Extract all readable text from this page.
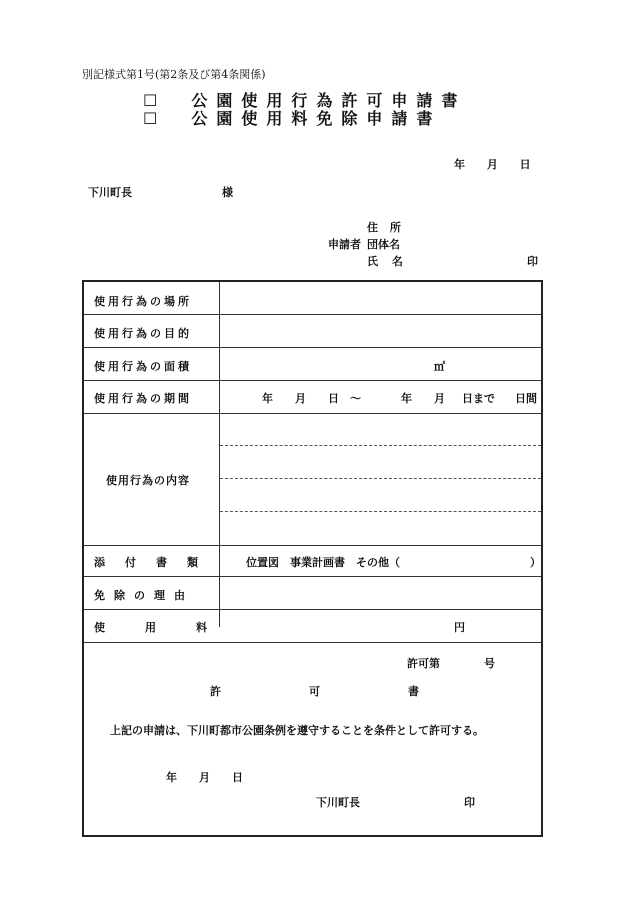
別記様式第1号(第2条及び第4条関係)
☐　公園使用行為許可申請書
☐　公園使用料免除申請書
年 月 日
下川町長	様
住 所
申請者 団体名
氏 名	印
使用行為の場所
使用行為の目的
使用行為の面積	㎡
使用行為の期間	年　　月　　日　〜	年　　月 日まで 日間
使用行為の内容
添付書類	位置図　事業計画書　その他（	）
免除の理由
使用料	円
許可第　　　　号
許　　　　　　　　可　　　　　　　　書
上記の申請は、下川町都市公園条例を遵守することを条件として許可する。
年　　月　　日
下川町長	印
